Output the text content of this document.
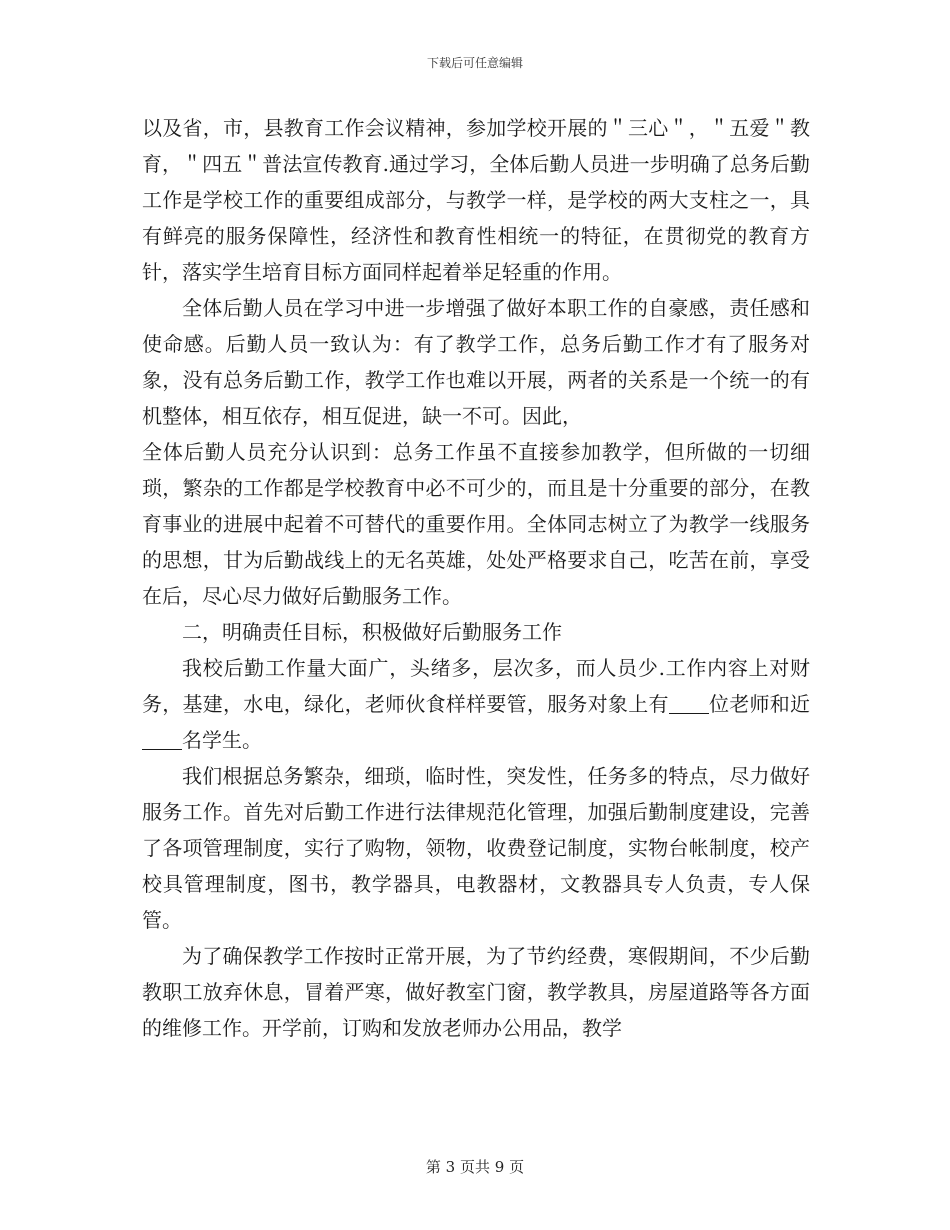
下载后可任意编辑

以及省，市，县教育工作会议精神，参加学校开展的＂三心＂，＂五爱＂教育，＂四五＂普法宣传教育.通过学习，全体后勤人员进一步明确了总务后勤工作是学校工作的重要组成部分，与教学一样，是学校的两大支柱之一，具有鲜亮的服务保障性，经济性和教育性相统一的特征，在贯彻党的教育方针，落实学生培育目标方面同样起着举足轻重的作用。

全体后勤人员在学习中进一步增强了做好本职工作的自豪感，责任感和使命感。后勤人员一致认为：有了教学工作，总务后勤工作才有了服务对象，没有总务后勤工作，教学工作也难以开展，两者的关系是一个统一的有机整体，相互依存，相互促进，缺一不可。因此，

全体后勤人员充分认识到：总务工作虽不直接参加教学，但所做的一切细琐，繁杂的工作都是学校教育中必不可少的，而且是十分重要的部分，在教育事业的进展中起着不可替代的重要作用。全体同志树立了为教学一线服务的思想，甘为后勤战线上的无名英雄，处处严格要求自己，吃苦在前，享受在后，尽心尽力做好后勤服务工作。

二，明确责任目标，积极做好后勤服务工作

我校后勤工作量大面广，头绪多，层次多，而人员少.工作内容上对财务，基建，水电，绿化，老师伙食样样要管，服务对象上有 位老师和近名学生。

我们根据总务繁杂，细琐，临时性，突发性，任务多的特点，尽力做好服务工作。首先对后勤工作进行法律规范化管理，加强后勤制度建设，完善了各项管理制度，实行了购物，领物，收费登记制度，实物台帐制度，校产校具管理制度，图书，教学器具，电教器材，文教器具专人负责，专人保管。

为了确保教学工作按时正常开展，为了节约经费，寒假期间，不少后勤教职工放弃休息，冒着严寒，做好教室门窗，教学教具，房屋道路等各方面的维修工作。开学前，订购和发放老师办公用品，教学

第 3 页共 9 页
